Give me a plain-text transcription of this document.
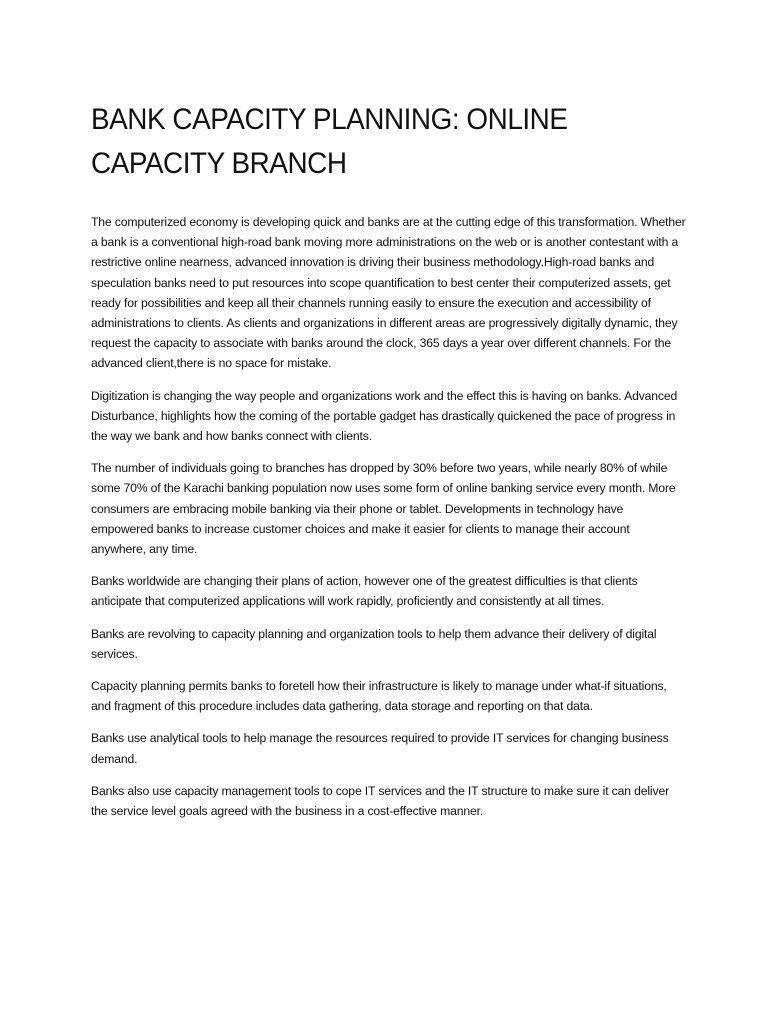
BANK CAPACITY PLANNING: ONLINE CAPACITY BRANCH

The computerized economy is developing quick and banks are at the cutting edge of this transformation. Whether a bank is a conventional high-road bank moving more administrations on the web or is another contestant with a restrictive online nearness, advanced innovation is driving their business methodology.High-road banks and speculation banks need to put resources into scope quantification to best center their computerized assets, get ready for possibilities and keep all their channels running easily to ensure the execution and accessibility of administrations to clients. As clients and organizations in different areas are progressively digitally dynamic, they request the capacity to associate with banks around the clock, 365 days a year over different channels. For the advanced client,there is no space for mistake.

Digitization is changing the way people and organizations work and the effect this is having on banks. Advanced Disturbance, highlights how the coming of the portable gadget has drastically quickened the pace of progress in the way we bank and how banks connect with clients.

The number of individuals going to branches has dropped by 30% before two years, while nearly 80% of while some 70% of the Karachi banking population now uses some form of online banking service every month. More consumers are embracing mobile banking via their phone or tablet. Developments in technology have empowered banks to increase customer choices and make it easier for clients to manage their account anywhere, any time.

Banks worldwide are changing their plans of action, however one of the greatest difficulties is that clients anticipate that computerized applications will work rapidly, proficiently and consistently at all times.

Banks are revolving to capacity planning and organization tools to help them advance their delivery of digital services.

Capacity planning permits banks to foretell how their infrastructure is likely to manage under what-if situations, and fragment of this procedure includes data gathering, data storage and reporting on that data.

Banks use analytical tools to help manage the resources required to provide IT services for changing business demand.

Banks also use capacity management tools to cope IT services and the IT structure to make sure it can deliver the service level goals agreed with the business in a cost-effective manner.
